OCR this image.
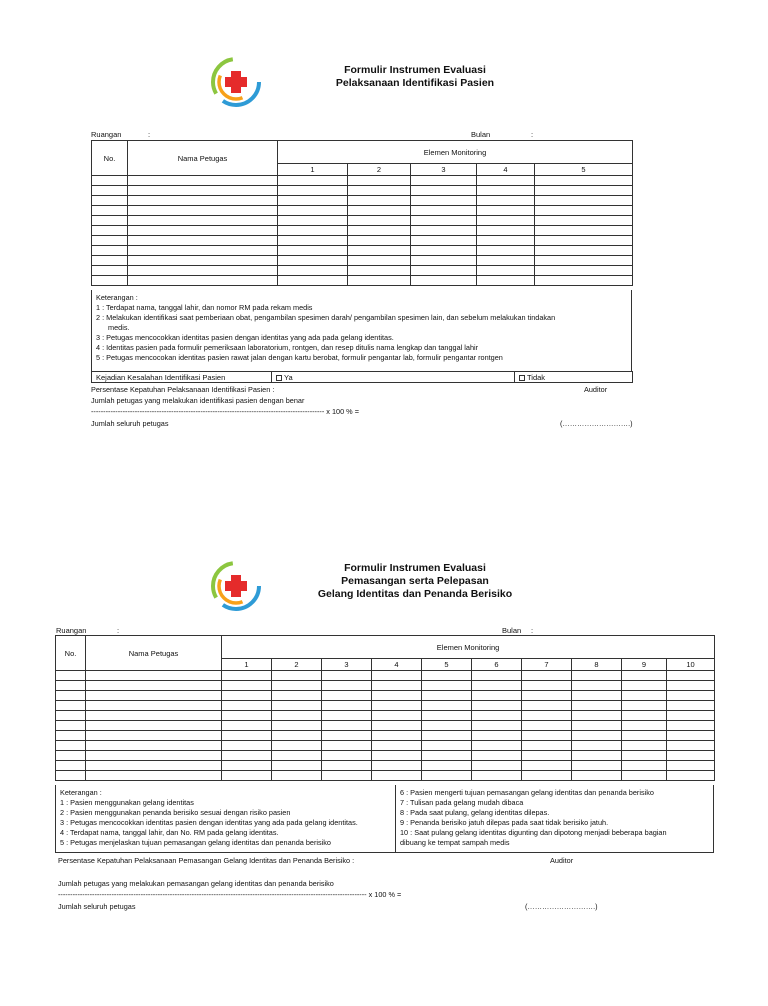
Formulir Instrumen Evaluasi
Pelaksanaan Identifikasi Pasien
Ruangan	:	Bulan	:
No.	Nama Petugas	Elemen Monitoring				
		1	2	3	4	5

Keterangan :
1 : Terdapat nama, tanggal lahir, dan nomor RM pada rekam medis
2 : Melakukan identifikasi saat pemberiaan obat, pengambilan spesimen darah/ pengambilan spesimen lain, dan sebelum melakukan tindakan
medis.
3 : Petugas mencocokkan identitas pasien dengan identitas yang ada pada gelang identitas.
4 : Identitas pasien pada formulir pemeriksaan laboratorium, rontgen, dan resep ditulis nama lengkap dan tanggal lahir
5 : Petugas mencocokan identitas pasien rawat jalan dengan kartu berobat, formulir pengantar lab, formulir pengantar rontgen
Kejadian Kesalahan Identifikasi Pasien	Ya	Tidak
Persentase Kepatuhan Pelaksanaan Identifikasi Pasien :	Auditor
Jumlah petugas yang melakukan identifikasi pasien dengan benar
------------------------------------------------------------------------------------------------ x 100 % =
Jumlah seluruh petugas	(……………………….)
Formulir Instrumen Evaluasi
Pemasangan serta Pelepasan
Gelang Identitas dan Penanda Berisiko
Ruangan	:	Bulan :
No.	Nama Petugas	Elemen Monitoring									
		1	2	3	4	5	6	7	8	9	10

Keterangan :
1 : Pasien menggunakan gelang identitas
2 : Pasien menggunakan penanda berisiko sesuai dengan risiko pasien
3 : Petugas mencocokkan identitas pasien dengan identitas yang ada pada gelang identitas.
4 : Terdapat nama, tanggal lahir, dan No. RM pada gelang identitas.
5 : Petugas menjelaskan tujuan pemasangan gelang identitas dan penanda berisiko
6 : Pasien mengerti tujuan pemasangan gelang identitas dan penanda berisiko
7 : Tulisan pada gelang mudah dibaca
8 : Pada saat pulang, gelang identitas dilepas.
9 : Penanda berisiko jatuh dilepas pada saat tidak berisiko jatuh.
10 : Saat pulang gelang identitas digunting dan dipotong menjadi beberapa bagian
dibuang ke tempat sampah medis
Persentase Kepatuhan Pelaksanaan Pemasangan Gelang Identitas dan Penanda Berisiko :	Auditor
Jumlah petugas yang melakukan pemasangan gelang identitas dan penanda berisiko
------------------------------------------------------------------------------------------------------------------------------- x 100 % =
Jumlah seluruh petugas	(……………………….)
